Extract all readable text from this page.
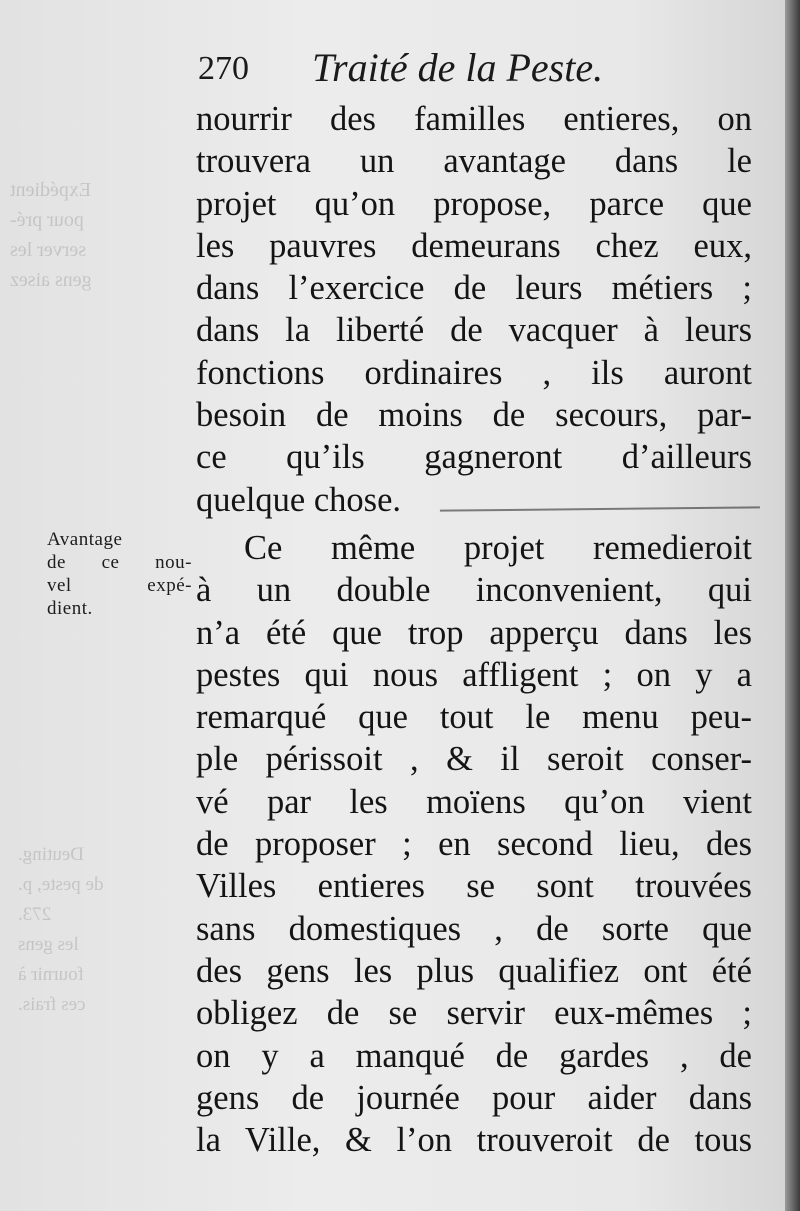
Expédient
pour pré-
server les
gens aisez
Deuting.
de peste, p.
273.
les gens
fournir à
ces frais.
270 Traité de la Peste.
Avantage
de ce nou-
vel expé-
dient.
nourrir des familles entieres, on
trouvera un avantage dans le
projet qu’on propose, parce que
les pauvres demeurans chez eux,
dans l’exercice de leurs métiers ;
dans la liberté de vacquer à leurs
fonctions ordinaires , ils auront
besoin de moins de secours, par-
ce qu’ils gagneront d’ailleurs
quelque chose.
Ce même projet remedieroit
à un double inconvenient, qui
n’a été que trop apperçu dans les
pestes qui nous affligent ; on y a
remarqué que tout le menu peu-
ple périssoit , & il seroit conser-
vé par les moïens qu’on vient
de proposer ; en second lieu, des
Villes entieres se sont trouvées
sans domestiques , de sorte que
des gens les plus qualifiez ont été
obligez de se servir eux-mêmes ;
on y a manqué de gardes , de
gens de journée pour aider dans
la Ville, & l’on trouveroit de tous
